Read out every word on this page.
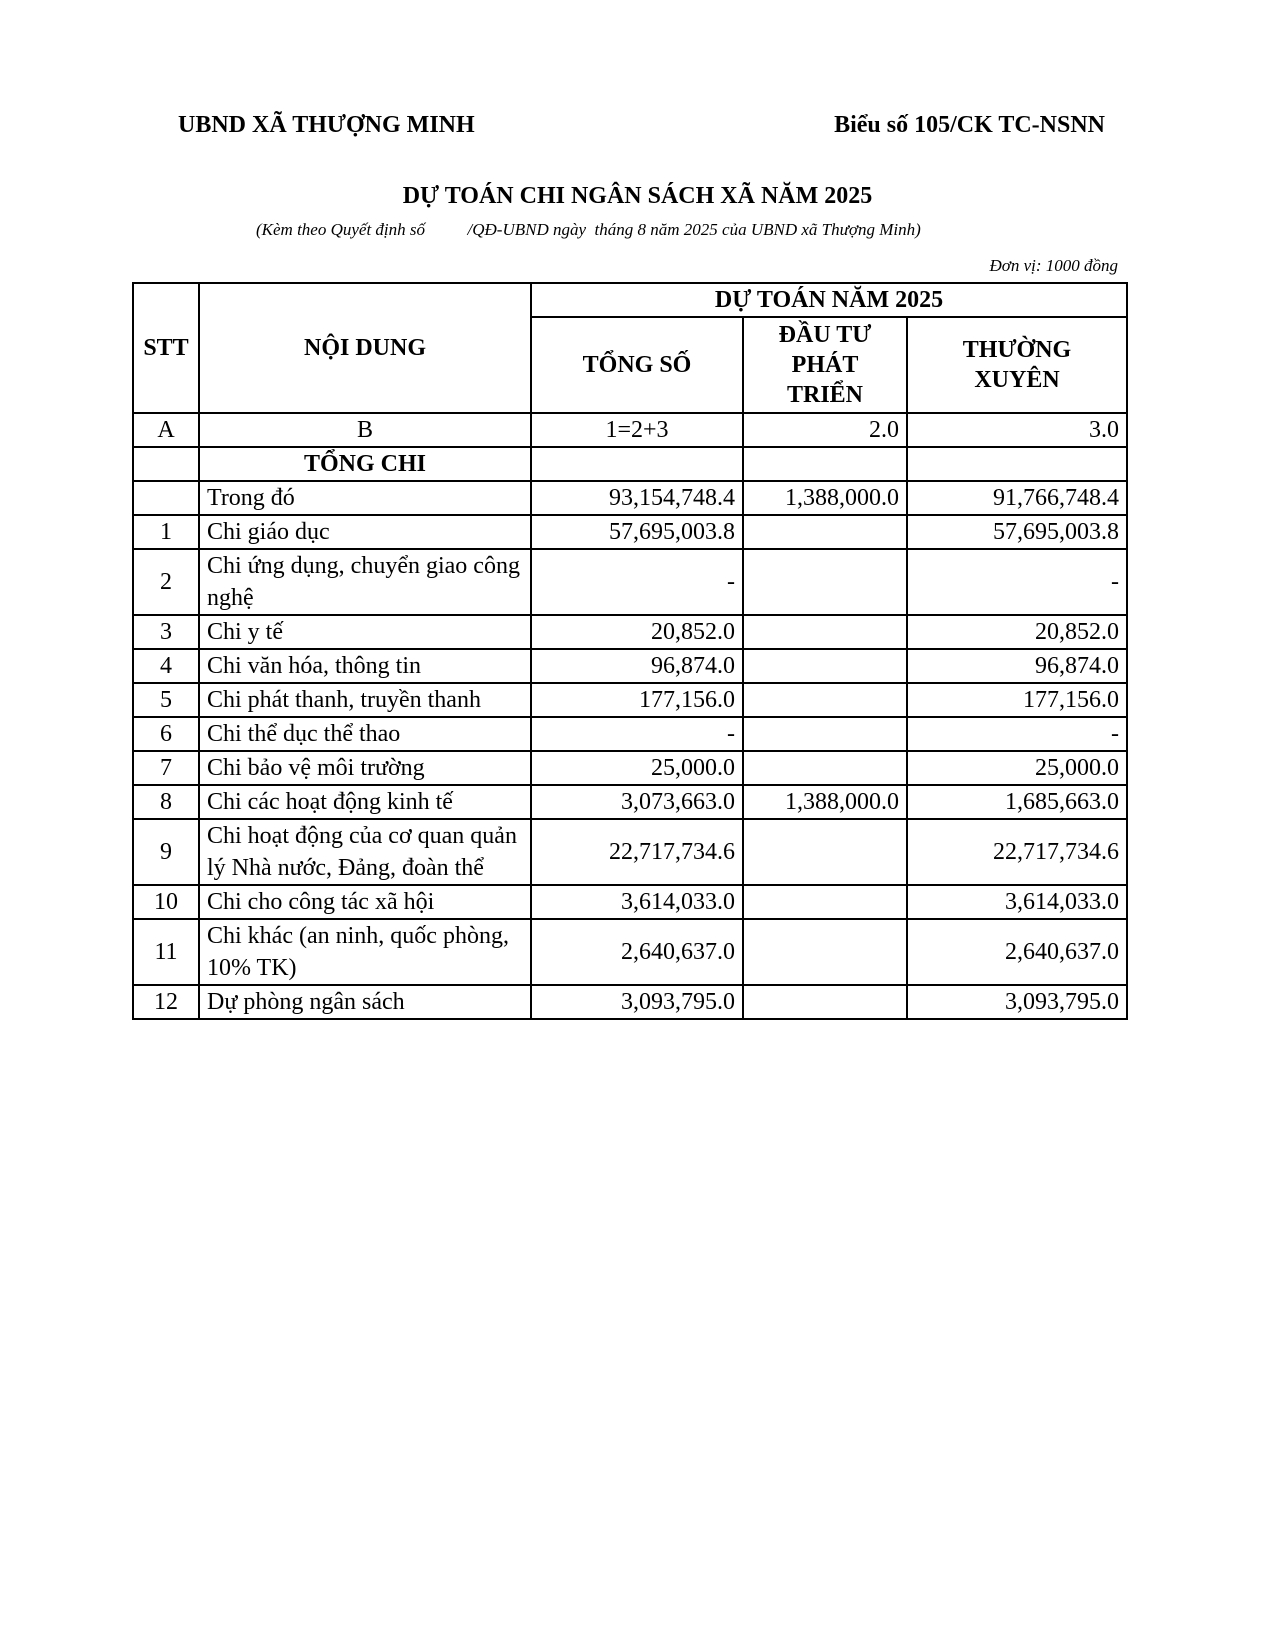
UBND XÃ THƯỢNG MINH	Biểu số 105/CK TC-NSNN
DỰ TOÁN CHI NGÂN SÁCH XÃ NĂM 2025
(Kèm theo Quyết định số          /QĐ-UBND ngày  tháng 8 năm 2025 của UBND xã Thượng Minh)
Đơn vị: 1000 đồng
STT	NỘI DUNG	DỰ TOÁN NĂM 2025		
		TỔNG SỐ	ĐẦU TƯ PHÁT TRIỂN	THƯỜNG XUYÊN
A	B	1=2+3	2.0	3.0
	TỔNG CHI			
	Trong đó	93,154,748.4	1,388,000.0	91,766,748.4
1	Chi giáo dục	57,695,003.8		57,695,003.8
2	Chi ứng dụng, chuyển giao công nghệ	-		-
3	Chi y tế	20,852.0		20,852.0
4	Chi văn hóa, thông tin	96,874.0		96,874.0
5	Chi phát thanh, truyền thanh	177,156.0		177,156.0
6	Chi thể dục thể thao	-		-
7	Chi bảo vệ môi trường	25,000.0		25,000.0
8	Chi các hoạt động kinh tế	3,073,663.0	1,388,000.0	1,685,663.0
9	Chi hoạt động của cơ quan quản lý Nhà nước, Đảng, đoàn thể	22,717,734.6		22,717,734.6
10	Chi cho công tác xã hội	3,614,033.0		3,614,033.0
11	Chi khác (an ninh, quốc phòng, 10% TK)	2,640,637.0		2,640,637.0
12	Dự phòng ngân sách	3,093,795.0		3,093,795.0
